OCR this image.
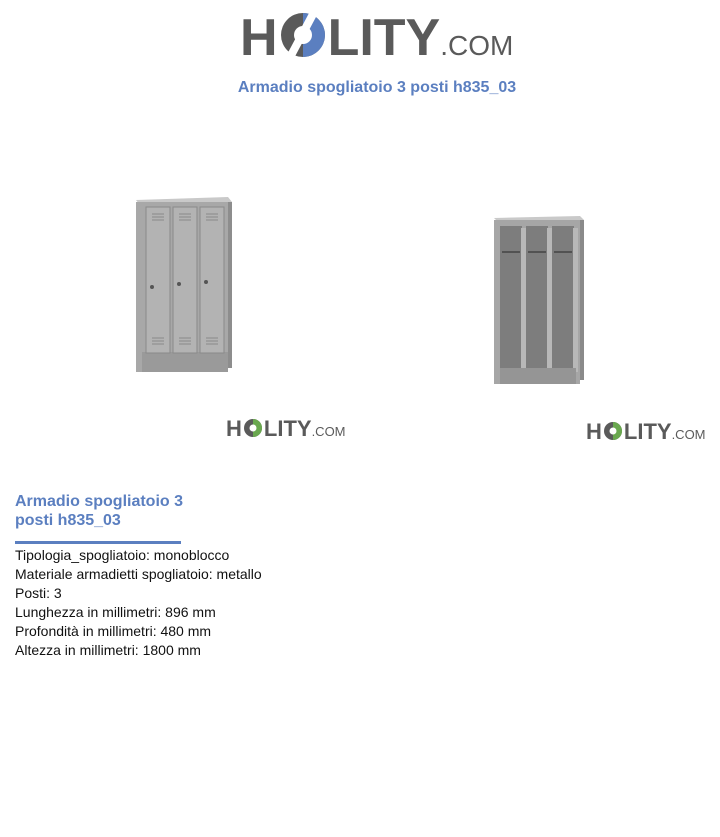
H LITY .COM
Armadio spogliatoio 3 posti h835_03
H LITY .COM	H LITY .COM
Armadio spogliatoio 3 posti h835_03
Tipologia_spogliatoio: monoblocco
Materiale armadietti spogliatoio: metallo
Posti: 3
Lunghezza in millimetri: 896 mm
Profondità in millimetri: 480 mm
Altezza in millimetri: 1800 mm
